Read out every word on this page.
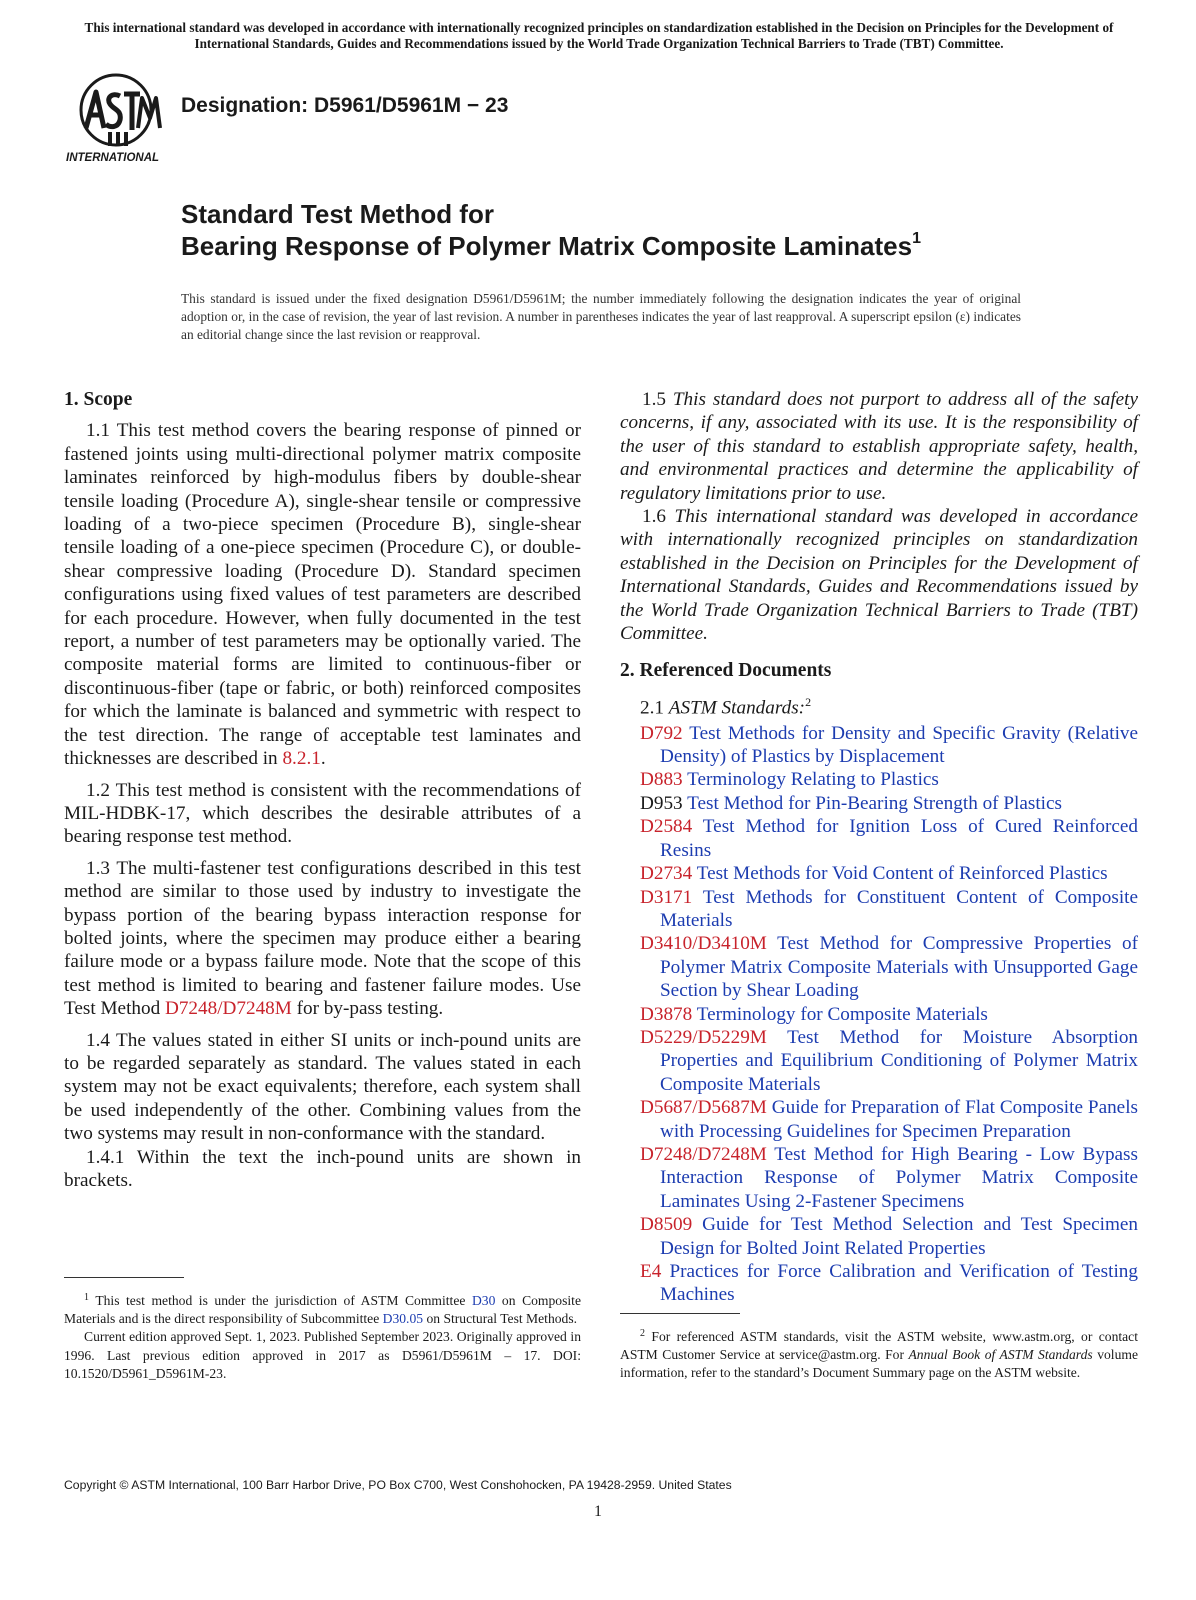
This international standard was developed in accordance with internationally recognized principles on standardization established in the Decision on Principles for the Development of International Standards, Guides and Recommendations issued by the World Trade Organization Technical Barriers to Trade (TBT) Committee.
INTERNATIONAL
Designation: D5961/D5961M − 23
Standard Test Method for
Bearing Response of Polymer Matrix Composite Laminates$^1$
This standard is issued under the fixed designation D5961/D5961M; the number immediately following the designation indicates the year of original adoption or, in the case of revision, the year of last revision. A number in parentheses indicates the year of last reapproval. A superscript epsilon (ε) indicates an editorial change since the last revision or reapproval.
1. Scope

1.1 This test method covers the bearing response of pinned or fastened joints using multi-directional polymer matrix composite laminates reinforced by high-modulus fibers by double-shear tensile loading (Procedure A), single-shear tensile or compressive loading of a two-piece specimen (Procedure B), single-shear tensile loading of a one-piece specimen (Procedure C), or double-shear compressive loading (Procedure D). Standard specimen configurations using fixed values of test parameters are described for each procedure. However, when fully documented in the test report, a number of test parameters may be optionally varied. The composite material forms are limited to continuous-fiber or discontinuous-fiber (tape or fabric, or both) reinforced composites for which the laminate is balanced and symmetric with respect to the test direction. The range of acceptable test laminates and thicknesses are described in 8.2.1.

1.2 This test method is consistent with the recommendations of MIL-HDBK-17, which describes the desirable attributes of a bearing response test method.

1.3 The multi-fastener test configurations described in this test method are similar to those used by industry to investigate the bypass portion of the bearing bypass interaction response for bolted joints, where the specimen may produce either a bearing failure mode or a bypass failure mode. Note that the scope of this test method is limited to bearing and fastener failure modes. Use Test Method D7248/D7248M for by-pass testing.

1.4 The values stated in either SI units or inch-pound units are to be regarded separately as standard. The values stated in each system may not be exact equivalents; therefore, each system shall be used independently of the other. Combining values from the two systems may result in non-conformance with the standard.

1.4.1 Within the text the inch-pound units are shown in brackets.

1.5 This standard does not purport to address all of the safety concerns, if any, associated with its use. It is the responsibility of the user of this standard to establish appropriate safety, health, and environmental practices and determine the applicability of regulatory limitations prior to use.

1.6 This international standard was developed in accordance with internationally recognized principles on standardization established in the Decision on Principles for the Development of International Standards, Guides and Recommendations issued by the World Trade Organization Technical Barriers to Trade (TBT) Committee.

2. Referenced Documents

2.1 ASTM Standards:$^2$

D792 Test Methods for Density and Specific Gravity (Relative Density) of Plastics by Displacement

D883 Terminology Relating to Plastics

D953 Test Method for Pin-Bearing Strength of Plastics

D2584 Test Method for Ignition Loss of Cured Reinforced Resins

D2734 Test Methods for Void Content of Reinforced Plastics

D3171 Test Methods for Constituent Content of Composite Materials

D3410/D3410M Test Method for Compressive Properties of Polymer Matrix Composite Materials with Unsupported Gage Section by Shear Loading

D3878 Terminology for Composite Materials

D5229/D5229M Test Method for Moisture Absorption Properties and Equilibrium Conditioning of Polymer Matrix Composite Materials

D5687/D5687M Guide for Preparation of Flat Composite Panels with Processing Guidelines for Specimen Preparation

D7248/D7248M Test Method for High Bearing - Low Bypass Interaction Response of Polymer Matrix Composite Laminates Using 2-Fastener Specimens

D8509 Guide for Test Method Selection and Test Specimen Design for Bolted Joint Related Properties

E4 Practices for Force Calibration and Verification of Testing Machines

$^1$ This test method is under the jurisdiction of ASTM Committee D30 on Composite Materials and is the direct responsibility of Subcommittee D30.05 on Structural Test Methods.

Current edition approved Sept. 1, 2023. Published September 2023. Originally approved in 1996. Last previous edition approved in 2017 as D5961/D5961M – 17. DOI: 10.1520/D5961_D5961M-23.

$^2$ For referenced ASTM standards, visit the ASTM website, www.astm.org, or contact ASTM Customer Service at service@astm.org. For Annual Book of ASTM Standards volume information, refer to the standard’s Document Summary page on the ASTM website.

Copyright © ASTM International, 100 Barr Harbor Drive, PO Box C700, West Conshohocken, PA 19428-2959. United States
1
